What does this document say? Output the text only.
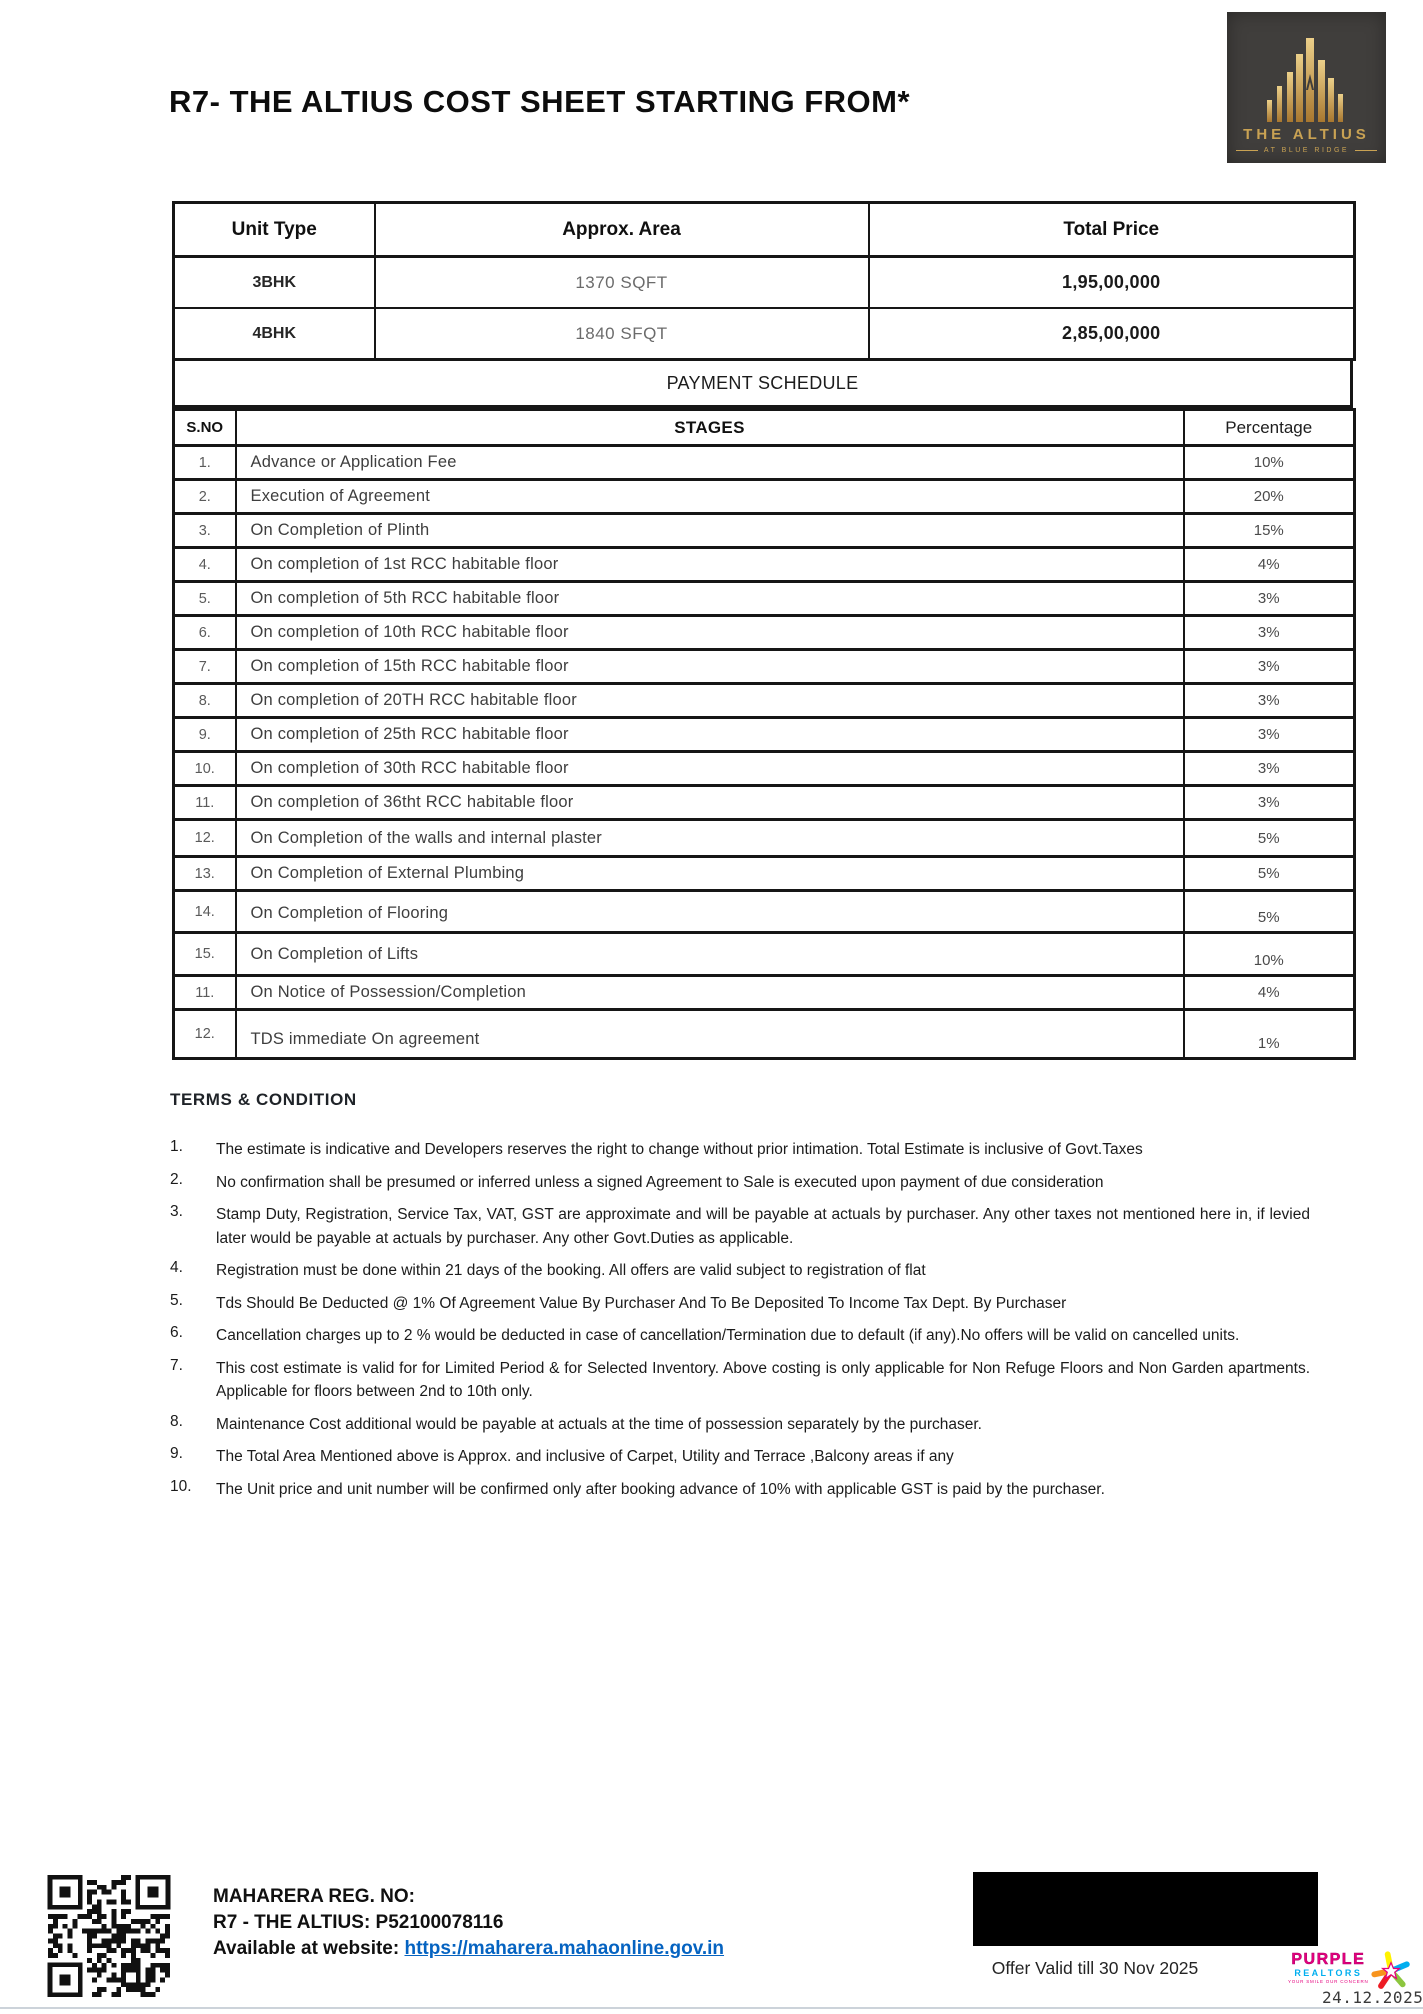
R7- THE ALTIUS COST SHEET STARTING FROM*
THE ALTIUS
AT BLUE RIDGE
Unit Type	Approx. Area	Total Price
3BHK	1370 SQFT	1,95,00,000
4BHK	1840 SFQT	2,85,00,000
PAYMENT SCHEDULE
S.NO	STAGES	Percentage
1.	Advance or Application Fee	10%
2.	Execution of Agreement	20%
3.	On Completion of Plinth	15%
4.	On completion of 1st RCC habitable floor	4%
5.	On completion of 5th RCC habitable floor	3%
6.	On completion of 10th RCC habitable floor	3%
7.	On completion of 15th RCC habitable floor	3%
8.	On completion of 20TH RCC habitable floor	3%
9.	On completion of 25th RCC habitable floor	3%
10.	On completion of 30th RCC habitable floor	3%
11.	On completion of 36tht RCC habitable floor	3%
12.	On Completion of the walls and internal plaster	5%
13.	On Completion of External Plumbing	5%
14.	On Completion of Flooring	5%
15.	On Completion of Lifts	10%
11.	On Notice of Possession/Completion	4%
12.	TDS immediate On agreement	1%
TERMS & CONDITION
1.	The estimate is indicative and Developers reserves the right to change without prior intimation. Total Estimate is inclusive of Govt.Taxes
2.	No confirmation shall be presumed or inferred unless a signed Agreement to Sale is executed upon payment of due consideration
3.	Stamp Duty, Registration, Service Tax, VAT, GST are approximate and will be payable at actuals by purchaser. Any other taxes not mentioned here in, if levied later would be payable at actuals by purchaser. Any other Govt.Duties as applicable.
4.	Registration must be done within 21 days of the booking. All offers are valid subject to registration of flat
5.	Tds Should Be Deducted @ 1% Of Agreement Value By Purchaser And To Be Deposited To Income Tax Dept. By Purchaser
6.	Cancellation charges up to 2 % would be deducted in case of cancellation/Termination due to default (if any).No offers will be valid on cancelled units.
7.	This cost estimate is valid for for Limited Period & for Selected Inventory. Above costing is only applicable for Non Refuge Floors and Non Garden apartments. Applicable for floors between 2nd to 10th only.
8.	Maintenance Cost additional would be payable at actuals at the time of possession separately by the purchaser.
9.	The Total Area Mentioned above is Approx. and inclusive of Carpet, Utility and Terrace ,Balcony areas if any
10.	The Unit price and unit number will be confirmed only after booking advance of 10% with applicable GST is paid by the purchaser.
MAHARERA REG. NO:
R7 - THE ALTIUS: P52100078116
Available at website: https://maharera.mahaonline.gov.in
Offer Valid till 30 Nov 2025	PURPLE
REALTORS
YOUR SMILE OUR CONCERN
24.12.2025
